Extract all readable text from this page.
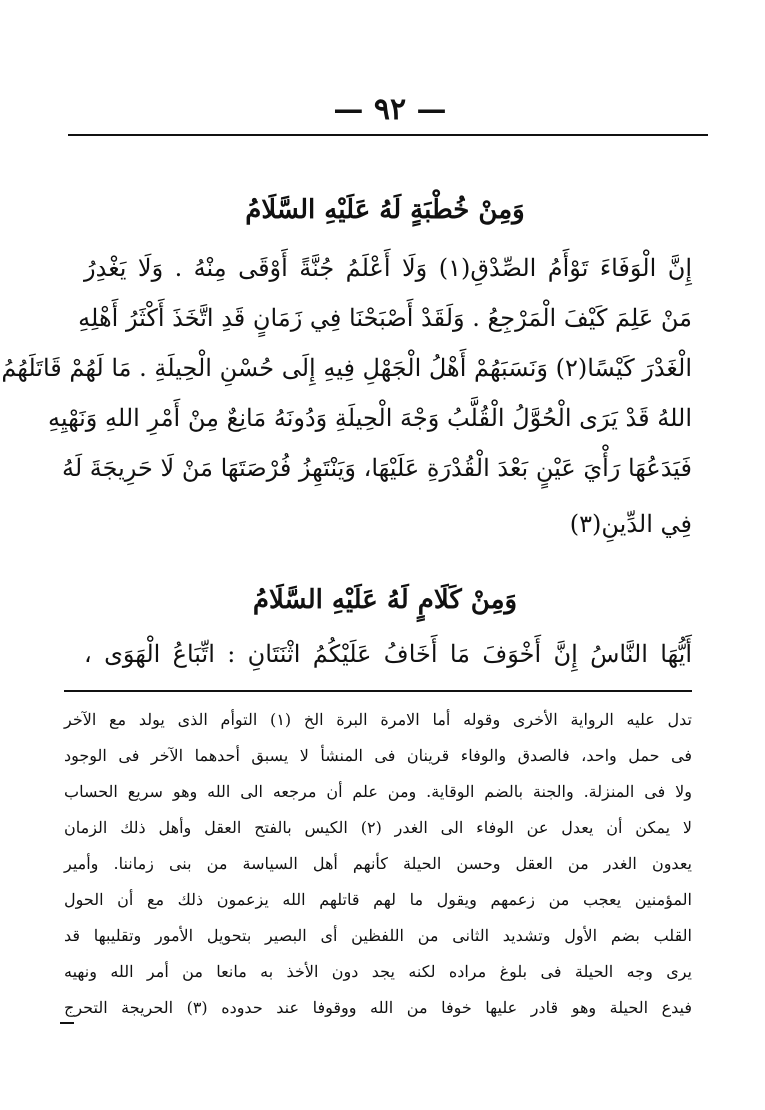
— ٩٢ —
وَمِنْ خُطْبَةٍ لَهُ عَلَيْهِ السَّلَامُ
إِنَّ الْوَفَاءَ تَوْأَمُ الصِّدْقِ(١) وَلَا أَعْلَمُ جُنَّةً أَوْقَى مِنْهُ . وَلَا يَغْدِرُ
مَنْ عَلِمَ كَيْفَ الْمَرْجِعُ . وَلَقَدْ أَصْبَحْنَا فِي زَمَانٍ قَدِ اتَّخَذَ أَكْثَرُ أَهْلِهِ
الْغَدْرَ كَيْسًا(٢) وَنَسَبَهُمْ أَهْلُ الْجَهْلِ فِيهِ إِلَى حُسْنِ الْحِيلَةِ . مَا لَهُمْ قَاتَلَهُمُ
اللهُ قَدْ يَرَى الْحُوَّلُ الْقُلَّبُ وَجْهَ الْحِيلَةِ وَدُونَهُ مَانِعٌ مِنْ أَمْرِ اللهِ وَنَهْيِهِ
فَيَدَعُهَا رَأْيَ عَيْنٍ بَعْدَ الْقُدْرَةِ عَلَيْهَا، وَيَنْتَهِزُ فُرْصَتَهَا مَنْ لَا حَرِيجَةَ لَهُ
فِي الدِّينِ(٣)
وَمِنْ كَلَامٍ لَهُ عَلَيْهِ السَّلَامُ
أَيُّهَا النَّاسُ إِنَّ أَخْوَفَ مَا أَخَافُ عَلَيْكُمُ اثْنَتَانِ : اتِّبَاعُ الْهَوَى ،
تدل عليه الرواية الأخرى وقوله أما الامرة البرة الخ (١) التوأم الذى يولد مع الآخر
فى حمل واحد، فالصدق والوفاء قرينان فى المنشأ لا يسبق أحدهما الآخر فى الوجود
ولا فى المنزلة. والجنة بالضم الوقاية. ومن علم أن مرجعه الى الله وهو سريع الحساب
لا يمكن أن يعدل عن الوفاء الى الغدر (٢) الكيس بالفتح العقل وأهل ذلك الزمان
يعدون الغدر من العقل وحسن الحيلة كأنهم أهل السياسة من بنى زماننا. وأمير
المؤمنين يعجب من زعمهم ويقول ما لهم قاتلهم الله يزعمون ذلك مع أن الحول
القلب بضم الأول وتشديد الثانى من اللفظين أى البصير بتحويل الأمور وتقليبها قد
يرى وجه الحيلة فى بلوغ مراده لكنه يجد دون الأخذ به مانعا من أمر الله ونهيه
فيدع الحيلة وهو قادر عليها خوفا من الله ووقوفا عند حدوده (٣) الحريجة التحرج
